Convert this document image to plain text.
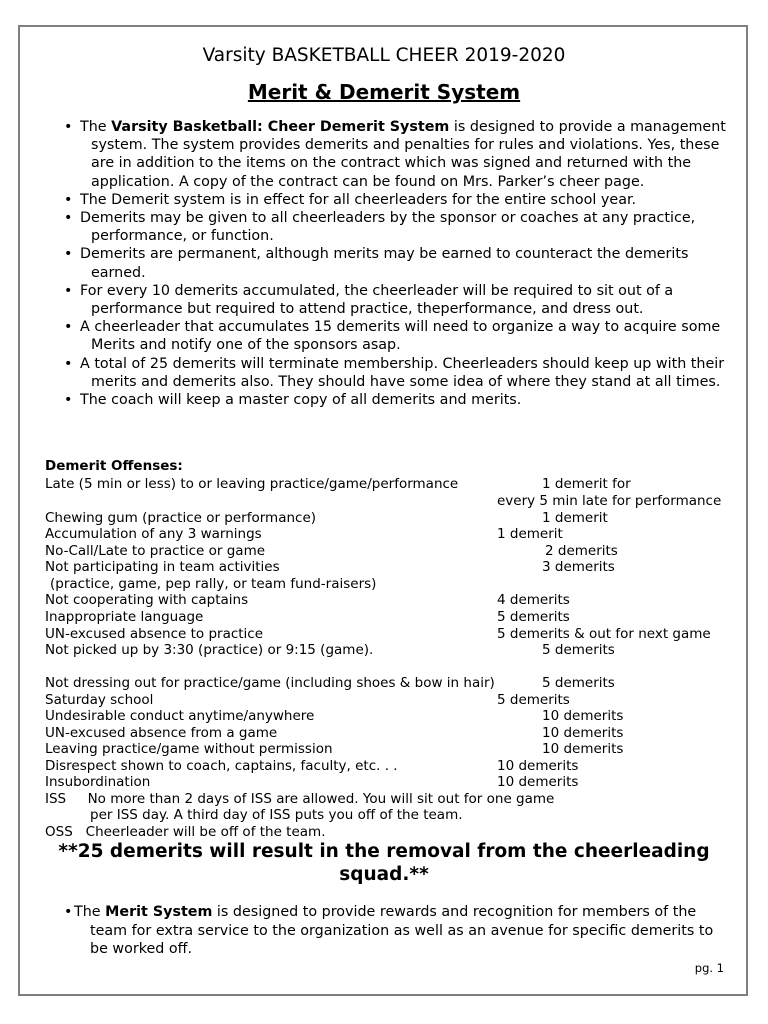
Varsity BASKETBALL CHEER 2019-2020
Merit & Demerit System
• The Varsity Basketball: Cheer Demerit System is designed to provide a management system. The system provides demerits and penalties for rules and violations. Yes, these are in addition to the items on the contract which was signed and returned with the application. A copy of the contract can be found on Mrs. Parker’s cheer page.
• The Demerit system is in effect for all cheerleaders for the entire school year.
• Demerits may be given to all cheerleaders by the sponsor or coaches at any practice, performance, or function.
• Demerits are permanent, although merits may be earned to counteract the demerits earned.
• For every 10 demerits accumulated, the cheerleader will be required to sit out of a performance but required to attend practice, theperformance, and dress out.
• A cheerleader that accumulates 15 demerits will need to organize a way to acquire some Merits and notify one of the sponsors asap.
• A total of 25 demerits will terminate membership. Cheerleaders should keep up with their merits and demerits also. They should have some idea of where they stand at all times.
• The coach will keep a master copy of all demerits and merits.
Demerit Offenses:
Late (5 min or less) to or leaving practice/game/performance	1 demerit for
every 5 min late for performance
Chewing gum (practice or performance)	1 demerit
Accumulation of any 3 warnings	1 demerit
No-Call/Late to practice or game	2 demerits
Not participating in team activities	3 demerits
(practice, game, pep rally, or team fund-raisers)
Not cooperating with captains	4 demerits
Inappropriate language	5 demerits
UN-excused absence to practice	5 demerits & out for next game
Not picked up by 3:30 (practice) or 9:15 (game).	5 demerits
Not dressing out for practice/game (including shoes & bow in hair)	5 demerits
Saturday school	5 demerits
Undesirable conduct anytime/anywhere	10 demerits
UN-excused absence from a game	10 demerits
Leaving practice/game without permission	10 demerits
Disrespect shown to coach, captains, faculty, etc. . .	10 demerits
Insubordination	10 demerits
ISS     No more than 2 days of ISS are allowed. You will sit out for one game
per ISS day. A third day of ISS puts you off of the team.
OSS   Cheerleader will be off of the team.
**25 demerits will result in the removal from the cheerleading squad.**
• The Merit System is designed to provide rewards and recognition for members of the team for extra service to the organization as well as an avenue for specific demerits to be worked off.
pg. 1
